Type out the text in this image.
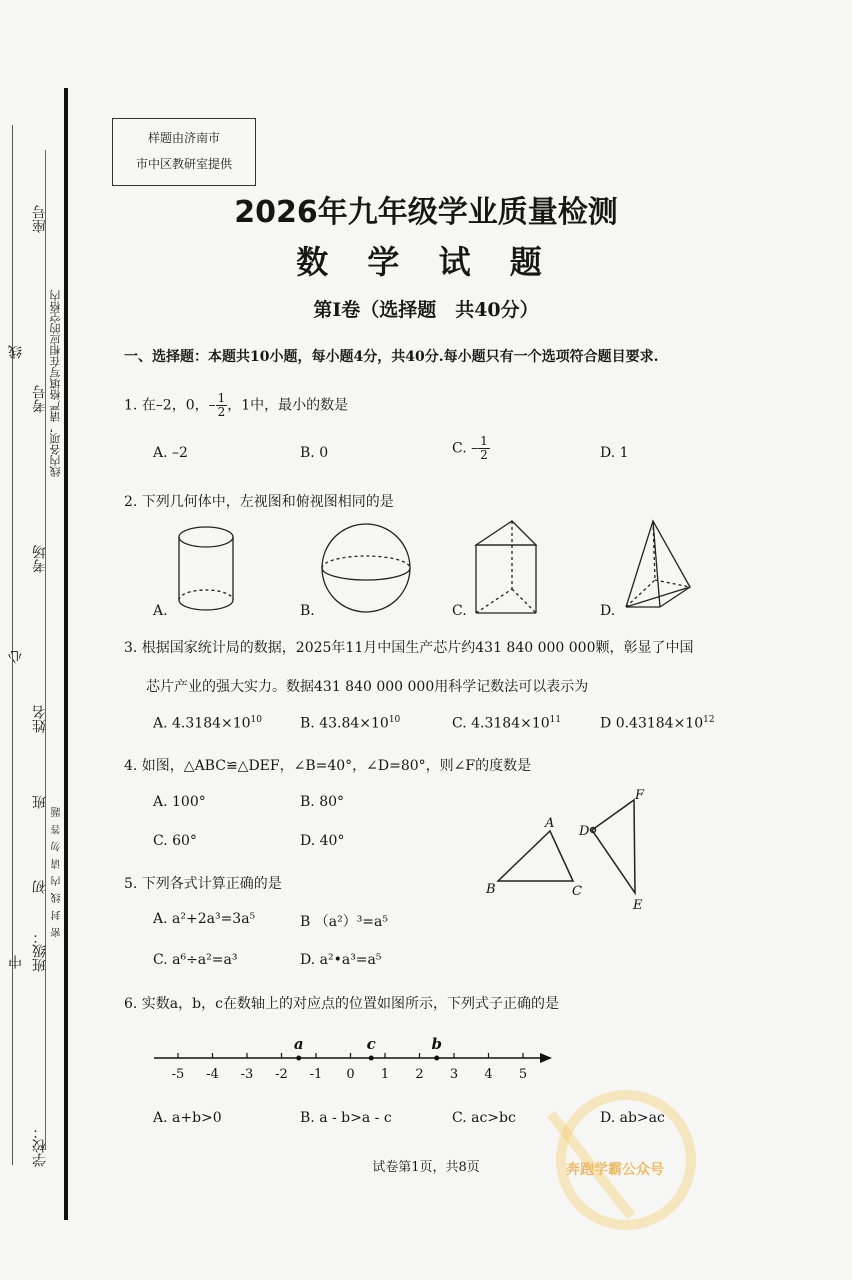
座号
线内各项，请严格填写在相应的空格内
线
考号
考场
心
姓名
班
密 封 线 内 请 勿 答 题
初
班级：
中
学校：
样题由济南市
市中区教研室提供
2026年九年级学业质量检测
数 学 试 题
第I卷（选择题　共40分）
一、选择题：本题共10小题，每小题4分，共40分.每小题只有一个选项符合题目要求.
1. 在–2，0，– $\frac{1}{2}$ ，1中，最小的数是
A. –2	B. 0	C. – $\frac{1}{2}$	D. 1
2. 下列几何体中，左视图和俯视图相同的是
A.	B.	C.	D.
3. 根据国家统计局的数据，2025年11月中国生产芯片约431 840 000 000颗，彰显了中国
芯片产业的强大实力。数据431 840 000 000用科学记数法可以表示为
A. $4.3184\times 10^{10}$	B. $43.84\times 10^{10}$	C. $4.3184\times 10^{11}$	D $0.43184\times 10^{12}$
4. 如图，△ABC≌△DEF，∠B=40°，∠D=80°，则∠F的度数是
A. 100°	B. 80°
C. 60°	D. 40°
A
B	C
D
E
F
5. 下列各式计算正确的是
A. a²+2a³=3a⁵	B （a²）³=a⁵
C. a⁶÷a²=a³	D. a²•a³=a⁵
6. 实数a，b，c在数轴上的对应点的位置如图所示，下列式子正确的是
-5 -4 -3 -2 -1 0 1 2 3 4 5
a	c	b
A. a+b>0	B. a - b>a - c	C. ac>bc	D. ab>ac
试卷第1页，共8页	奔跑学霸公众号
